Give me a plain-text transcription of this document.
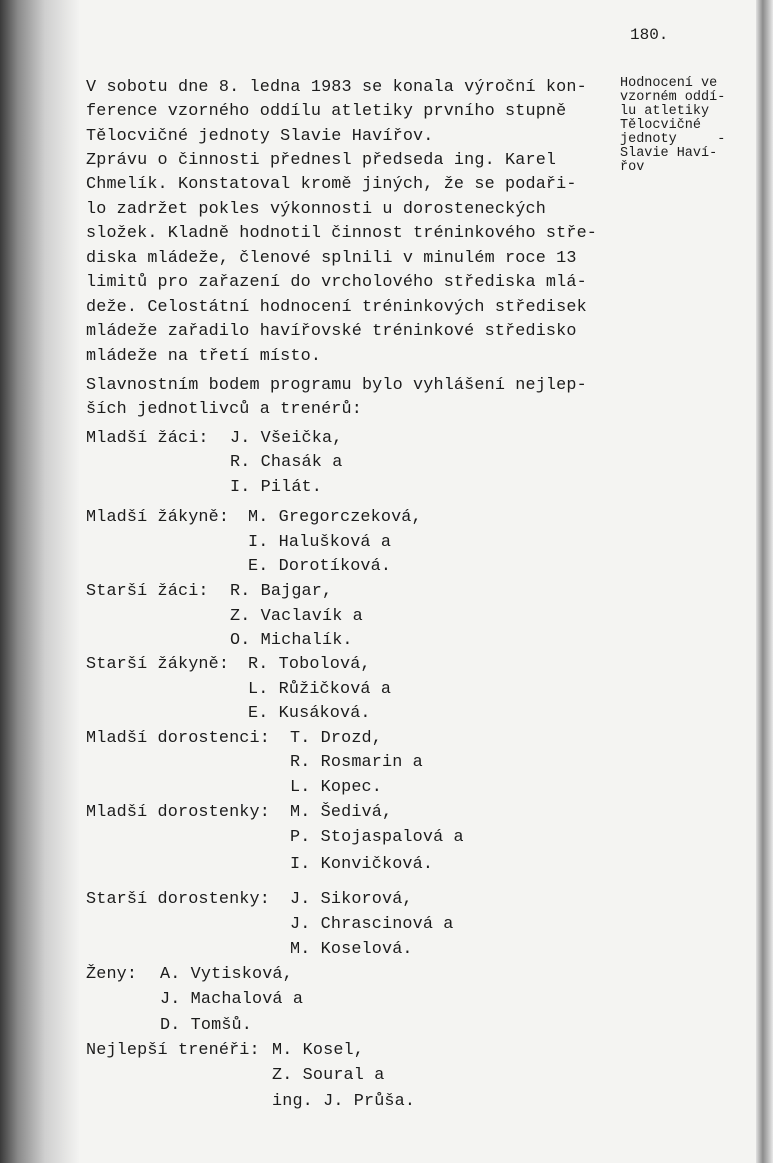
180.
Hodnocení ve
vzorném oddí-
lu atletiky
Tělocvičné
jednoty     -
Slavie Haví-
řov
V sobotu dne 8. ledna 1983 se konala výroční kon-
ference vzorného oddílu atletiky prvního stupně
Tělocvičné jednoty Slavie Havířov.
Zprávu o činnosti přednesl předseda ing. Karel
Chmelík. Konstatoval kromě jiných, že se podaři-
lo zadržet pokles výkonnosti u dorosteneckých
složek. Kladně hodnotil činnost tréninkového stře-
diska mládeže, členové splnili v minulém roce 13
limitů pro zařazení do vrcholového střediska mlá-
deže. Celostátní hodnocení tréninkových středisek
mládeže zařadilo havířovské tréninkové středisko
mládeže na třetí místo.
Slavnostním bodem programu bylo vyhlášení nejlep-
ších jednotlivců a trenérů:
Mladší žáci: J. Všeička,
R. Chasák a
I. Pilát.
Mladší žákyně: M. Gregorczeková,
I. Halušková a
E. Dorotíková.
Starší žáci: R. Bajgar,
Z. Vaclavík a
O. Michalík.
Starší žákyně: R. Tobolová,
L. Růžičková a
E. Kusáková.
Mladší dorostenci: T. Drozd,
R. Rosmarin a
L. Kopec.
Mladší dorostenky: M. Šedivá,
P. Stojaspalová a
I. Konvičková.
Starší dorostenky: J. Sikorová,
J. Chrascinová a
M. Koselová.
Ženy: A. Vytisková,
J. Machalová a
D. Tomšů.
Nejlepší trenéři: M. Kosel,
Z. Soural a
ing. J. Průša.
